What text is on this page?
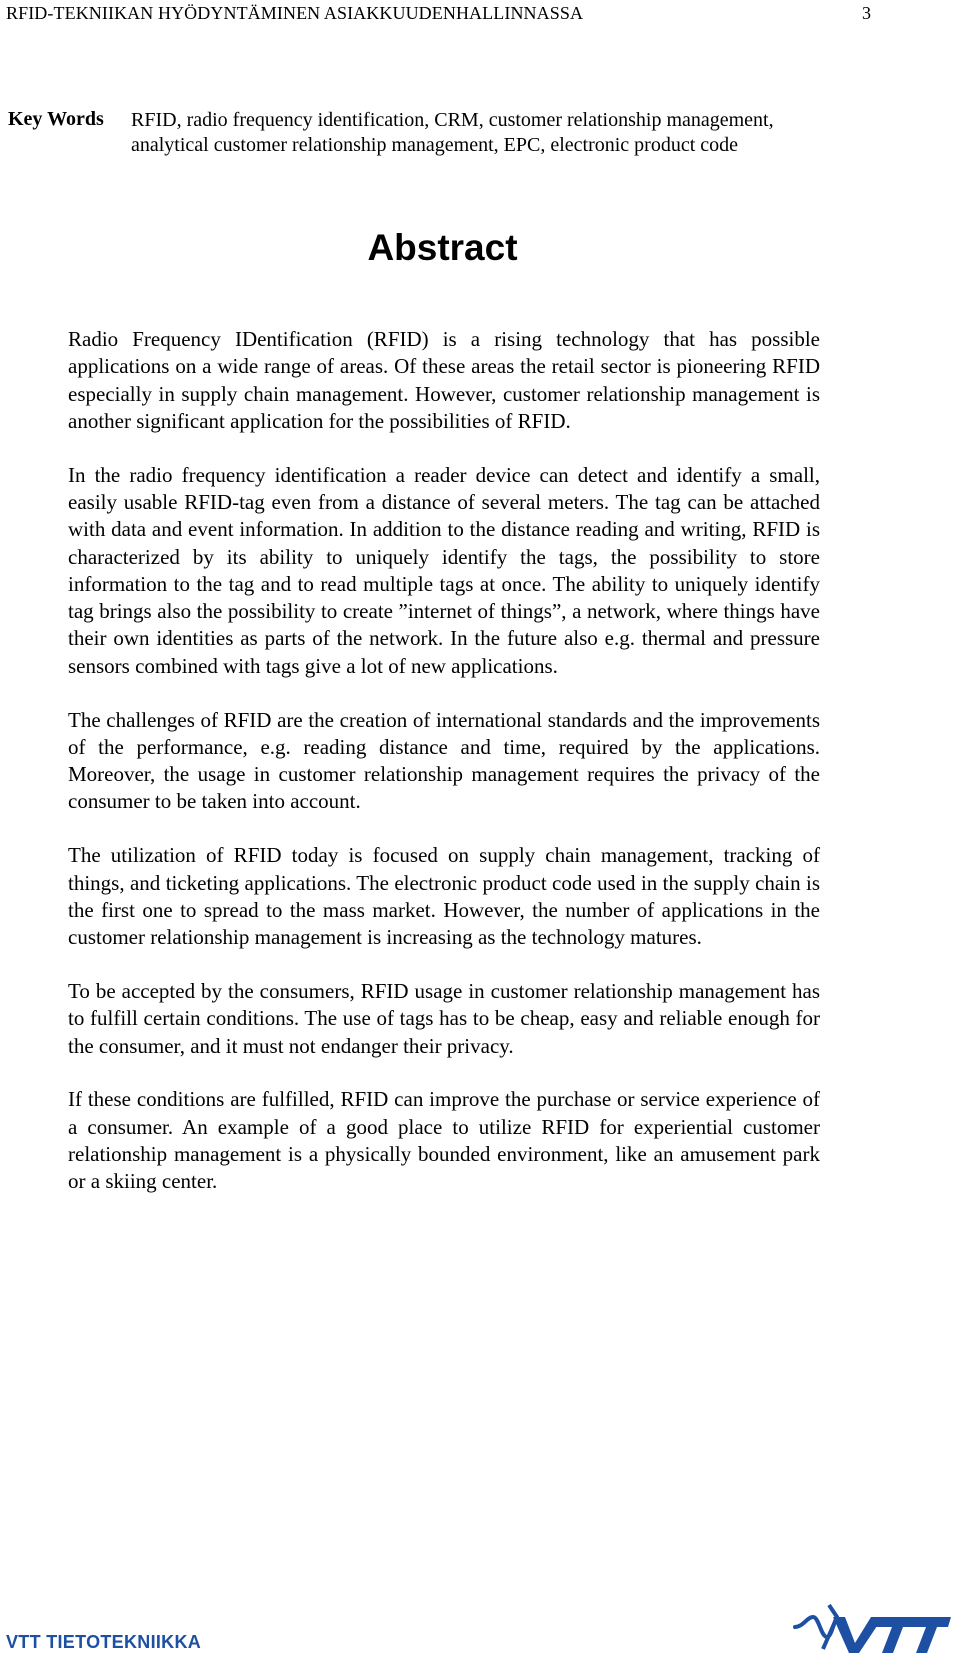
RFID-TEKNIIKAN HYÖDYNTÄMINEN ASIAKKUUDENHALLINNASSA	3
Key Words RFID, radio frequency identification, CRM, customer relationship management, analytical customer relationship management, EPC, electronic product code
Abstract

Radio Frequency IDentification (RFID) is a rising technology that has possible applications on a wide range of areas. Of these areas the retail sector is pioneering RFID especially in supply chain management. However, customer relationship management is another significant application for the possibilities of RFID.

In the radio frequency identification a reader device can detect and identify a small, easily usable RFID-tag even from a distance of several meters. The tag can be attached with data and event information. In addition to the distance reading and writing, RFID is characterized by its ability to uniquely identify the tags, the possibility to store information to the tag and to read multiple tags at once. The ability to uniquely identify tag brings also the possibility to create ”internet of things”, a network, where things have their own identities as parts of the network. In the future also e.g. thermal and pressure sensors combined with tags give a lot of new applications.

The challenges of RFID are the creation of international standards and the improvements of the performance, e.g. reading distance and time, required by the applications. Moreover, the usage in customer relationship management requires the privacy of the consumer to be taken into account.

The utilization of RFID today is focused on supply chain management, tracking of things, and ticketing applications. The electronic product code used in the supply chain is the first one to spread to the mass market. However, the number of applications in the customer relationship management is increasing as the technology matures.

To be accepted by the consumers, RFID usage in customer relationship management has to fulfill certain conditions. The use of tags has to be cheap, easy and reliable enough for the consumer, and it must not endanger their privacy.

If these conditions are fulfilled, RFID can improve the purchase or service experience of a consumer. An example of a good place to utilize RFID for experiential customer relationship management is a physically bounded environment, like an amusement park or a skiing center.

VTT TIETOTEKNIIKKA
